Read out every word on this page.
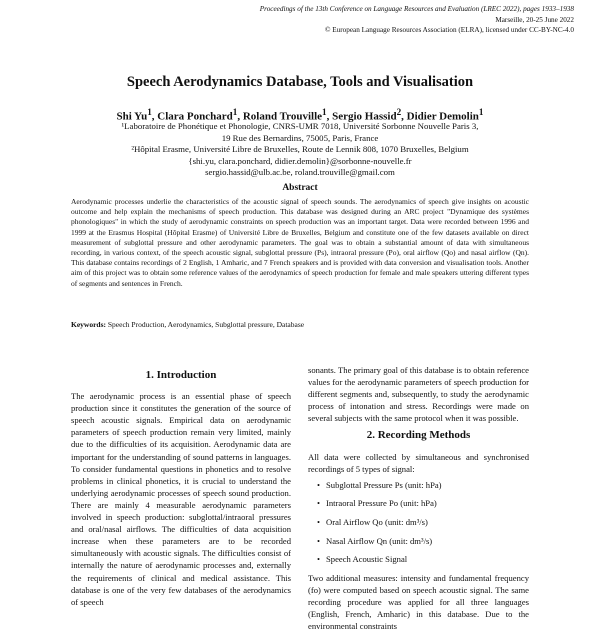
Proceedings of the 13th Conference on Language Resources and Evaluation (LREC 2022), pages 1933–1938
Marseille, 20-25 June 2022
© European Language Resources Association (ELRA), licensed under CC-BY-NC-4.0
Speech Aerodynamics Database, Tools and Visualisation
Shi Yu$^1$, Clara Ponchard$^1$, Roland Trouville$^1$, Sergio Hassid$^2$, Didier Demolin$^1$
¹Laboratoire de Phonétique et Phonologie, CNRS-UMR 7018, Université Sorbonne Nouvelle Paris 3,
19 Rue des Bernardins, 75005, Paris, France
²Hôpital Erasme, Université Libre de Bruxelles, Route de Lennik 808, 1070 Bruxelles, Belgium
{shi.yu, clara.ponchard, didier.demolin}@sorbonne-nouvelle.fr
sergio.hassid@ulb.ac.be, roland.trouville@gmail.com
Abstract

Aerodynamic processes underlie the characteristics of the acoustic signal of speech sounds. The aerodynamics of speech give insights on acoustic outcome and help explain the mechanisms of speech production. This database was designed during an ARC project "Dynamique des systèmes phonologiques" in which the study of aerodynamic constraints on speech production was an important target. Data were recorded between 1996 and 1999 at the Erasmus Hospital (Hôpital Erasme) of Université Libre de Bruxelles, Belgium and constitute one of the few datasets available on direct measurement of subglottal pressure and other aerodynamic parameters. The goal was to obtain a substantial amount of data with simultaneous recording, in various context, of the speech acoustic signal, subglottal pressure (Ps), intraoral pressure (Po), oral airflow (Qo) and nasal airflow (Qn). This database contains recordings of 2 English, 1 Amharic, and 7 French speakers and is provided with data conversion and visualisation tools. Another aim of this project was to obtain some reference values of the aerodynamics of speech production for female and male speakers uttering different types of segments and sentences in French.

Keywords: Speech Production, Aerodynamics, Subglottal pressure, Database
1. Introduction

The aerodynamic process is an essential phase of speech production since it constitutes the generation of the source of speech acoustic signals. Empirical data on aerodynamic parameters of speech production remain very limited, mainly due to the difficulties of its acquisition. Aerodynamic data are important for the understanding of sound patterns in languages. To consider fundamental questions in phonetics and to resolve problems in clinical phonetics, it is crucial to understand the underlying aerodynamic processes of speech sound production. There are mainly 4 measurable aerodynamic parameters involved in speech production: subglottal/intraoral pressures and oral/nasal airflows. The difficulties of data acquisition increase when these parameters are to be recorded simultaneously with acoustic signals. The difficulties consist of internally the nature of aerodynamic processes and, externally the requirements of clinical and medical assistance. This database is one of the very few databases of the aerodynamics of speech

sonants. The primary goal of this database is to obtain reference values for the aerodynamic parameters of speech production for different segments and, subsequently, to study the aerodynamic process of intonation and stress. Recordings were made on several subjects with the same protocol when it was possible.

2. Recording Methods

All data were collected by simultaneous and synchronised recordings of 5 types of signal:

• Subglottal Pressure Ps (unit: hPa)
• Intraoral Pressure Po (unit: hPa)
• Oral Airflow Qo (unit: dm³/s)
• Nasal Airflow Qn (unit: dm³/s)
• Speech Acoustic Signal

Two additional measures: intensity and fundamental frequency (fo) were computed based on speech acoustic signal. The same recording procedure was applied for all three languages (English, French, Amharic) in this database. Due to the environmental constraints
